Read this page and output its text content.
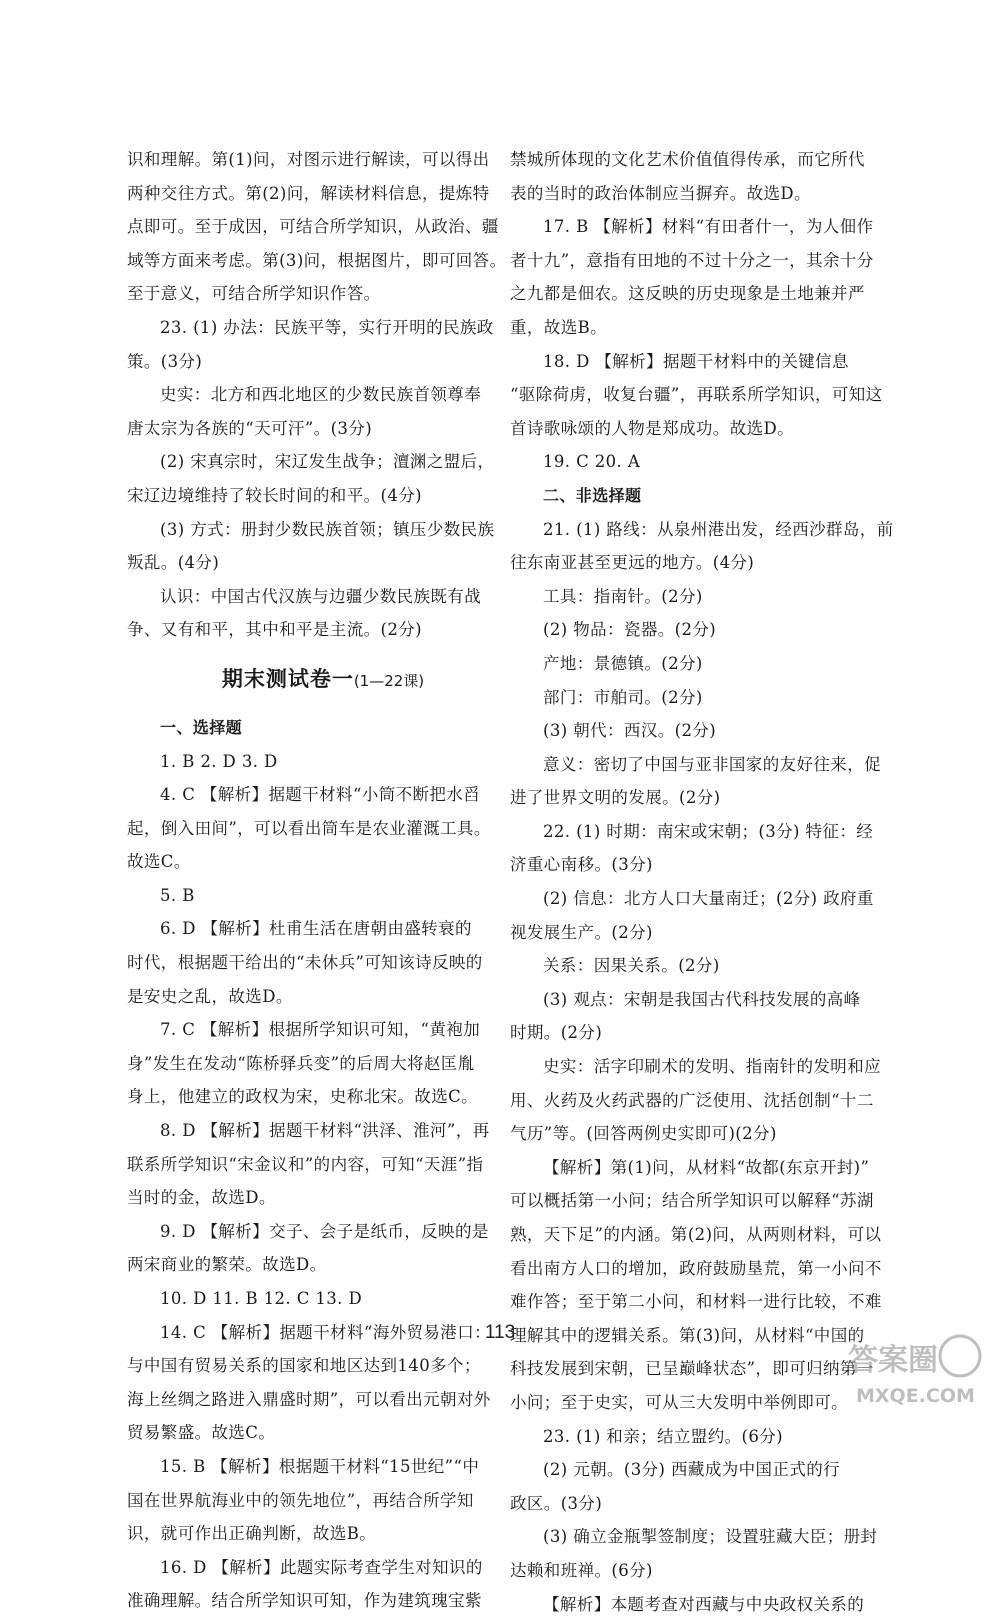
识和理解。第(1)问，对图示进行解读，可以得出
两种交往方式。第(2)问，解读材料信息，提炼特
点即可。至于成因，可结合所学知识，从政治、疆
域等方面来考虑。第(3)问，根据图片，即可回答。
至于意义，可结合所学知识作答。
23. (1) 办法：民族平等，实行开明的民族政
策。(3分)
史实：北方和西北地区的少数民族首领尊奉
唐太宗为各族的“天可汗”。(3分)
(2) 宋真宗时，宋辽发生战争；澶渊之盟后，
宋辽边境维持了较长时间的和平。(4分)
(3) 方式：册封少数民族首领；镇压少数民族
叛乱。(4分)
认识：中国古代汉族与边疆少数民族既有战
争、又有和平，其中和平是主流。(2分)
期末测试卷一(1—22课)
一、选择题
1. B 2. D 3. D
4. C 【解析】据题干材料“小筒不断把水舀
起，倒入田间”，可以看出筒车是农业灌溉工具。
故选C。
5. B
6. D 【解析】杜甫生活在唐朝由盛转衰的
时代，根据题干给出的“未休兵”可知该诗反映的
是安史之乱，故选D。
7. C 【解析】根据所学知识可知，“黄袍加
身”发生在发动“陈桥驿兵变”的后周大将赵匡胤
身上，他建立的政权为宋，史称北宋。故选C。
8. D 【解析】据题干材料“洪泽、淮河”，再
联系所学知识“宋金议和”的内容，可知“天涯”指
当时的金，故选D。
9. D 【解析】交子、会子是纸币，反映的是
两宋商业的繁荣。故选D。
10. D 11. B 12. C 13. D
14. C 【解析】据题干材料“海外贸易港口：
与中国有贸易关系的国家和地区达到140多个；
海上丝绸之路进入鼎盛时期”，可以看出元朝对外
贸易繁盛。故选C。
15. B 【解析】根据题干材料“15世纪”“中
国在世界航海业中的领先地位”，再结合所学知
识，就可作出正确判断，故选B。
16. D 【解析】此题实际考查学生对知识的
准确理解。结合所学知识可知，作为建筑瑰宝紫
禁城所体现的文化艺术价值值得传承，而它所代
表的当时的政治体制应当摒弃。故选D。
17. B 【解析】材料“有田者什一，为人佃作
者十九”，意指有田地的不过十分之一，其余十分
之九都是佃农。这反映的历史现象是土地兼并严
重，故选B。
18. D 【解析】据题干材料中的关键信息
“驱除荷虏，收复台疆”，再联系所学知识，可知这
首诗歌咏颂的人物是郑成功。故选D。
19. C 20. A
二、非选择题
21. (1) 路线：从泉州港出发，经西沙群岛，前
往东南亚甚至更远的地方。(4分)
工具：指南针。(2分)
(2) 物品：瓷器。(2分)
产地：景德镇。(2分)
部门：市舶司。(2分)
(3) 朝代：西汉。(2分)
意义：密切了中国与亚非国家的友好往来，促
进了世界文明的发展。(2分)
22. (1) 时期：南宋或宋朝；(3分) 特征：经
济重心南移。(3分)
(2) 信息：北方人口大量南迁；(2分) 政府重
视发展生产。(2分)
关系：因果关系。(2分)
(3) 观点：宋朝是我国古代科技发展的高峰
时期。(2分)
史实：活字印刷术的发明、指南针的发明和应
用、火药及火药武器的广泛使用、沈括创制“十二
气历”等。(回答两例史实即可)(2分)
【解析】第(1)问，从材料“故都(东京开封)”
可以概括第一小问；结合所学知识可以解释“苏湖
熟，天下足”的内涵。第(2)问，从两则材料，可以
看出南方人口的增加，政府鼓励垦荒，第一小问不
难作答；至于第二小问，和材料一进行比较，不难
理解其中的逻辑关系。第(3)问，从材料“中国的
科技发展到宋朝，已呈巅峰状态”，即可归纳第一
小问；至于史实，可从三大发明中举例即可。
23. (1) 和亲；结立盟约。(6分)
(2) 元朝。(3分) 西藏成为中国正式的行
政区。(3分)
(3) 确立金瓶掣签制度；设置驻藏大臣；册封
达赖和班禅。(6分)
【解析】本题考查对西藏与中央政权关系的
113
答案圈
MXQE.COM
